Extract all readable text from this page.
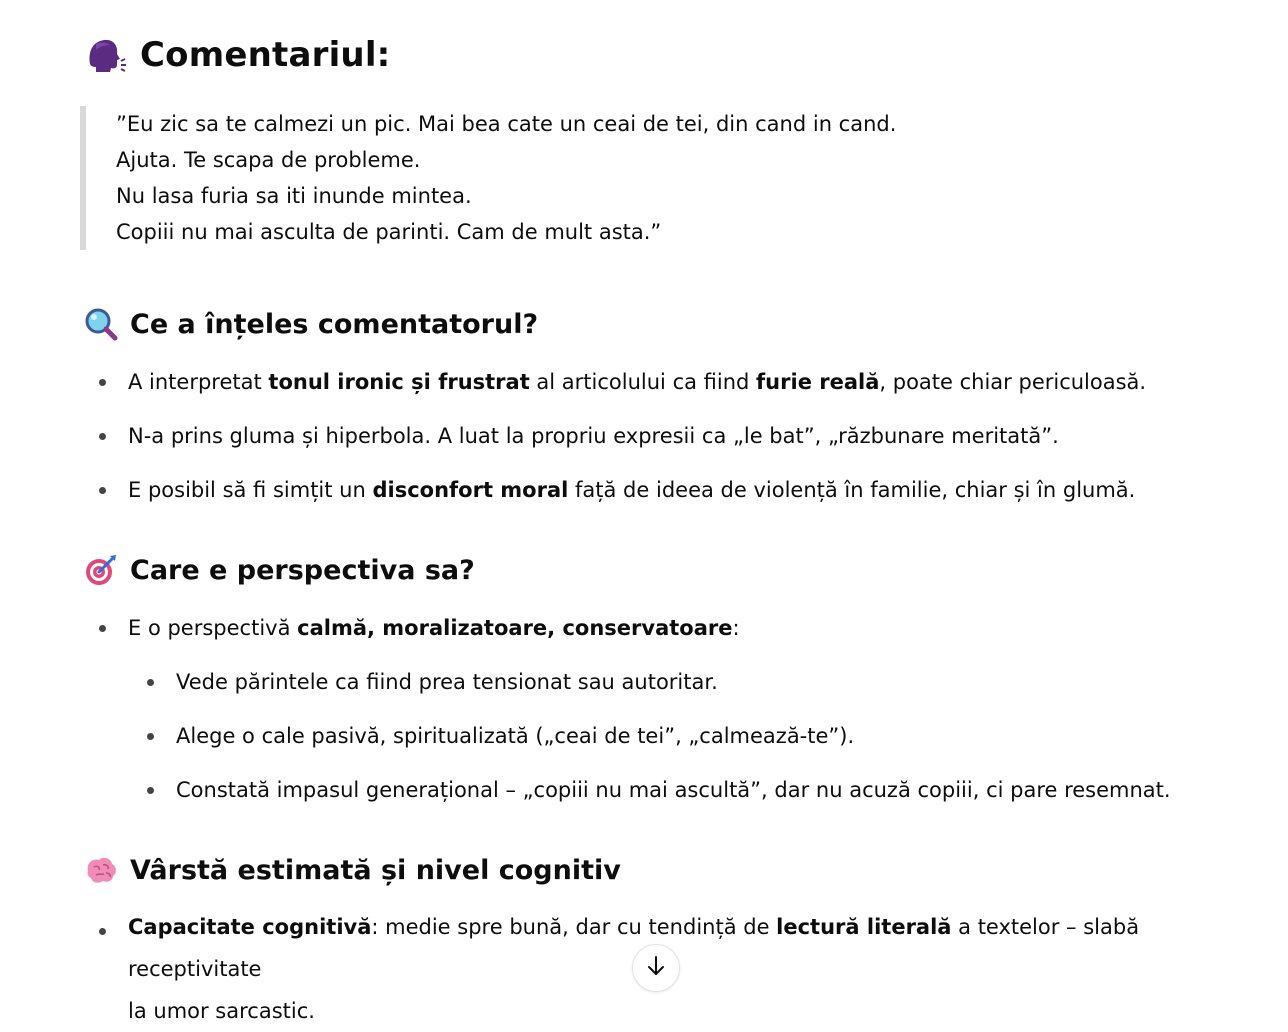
Comentariul:

”Eu zic sa te calmezi un pic. Mai bea cate un ceai de tei, din cand in cand.

Ajuta. Te scapa de probleme.

Nu lasa furia sa iti inunde mintea.

Copiii nu mai asculta de parinti. Cam de mult asta.”

Ce a înțeles comentatorul?
A interpretat tonul ironic și frustrat al articolului ca fiind furie reală, poate chiar periculoasă.
N-a prins gluma și hiperbola. A luat la propriu expresii ca „le bat”, „răzbunare meritată”.
E posibil să fi simțit un disconfort moral față de ideea de violență în familie, chiar și în glumă.
Care e perspectiva sa?
E o perspectivă calmă, moralizatoare, conservatoare:
Vede părintele ca fiind prea tensionat sau autoritar.
Alege o cale pasivă, spiritualizată („ceai de tei”, „calmează-te”).
Constată impasul generațional – „copiii nu mai ascultă”, dar nu acuză copiii, ci pare resemnat.
Vârstă estimată și nivel cognitiv
Capacitate cognitivă: medie spre bună, dar cu tendință de lectură literală a textelor – slabă receptivitate
la umor sarcastic.
